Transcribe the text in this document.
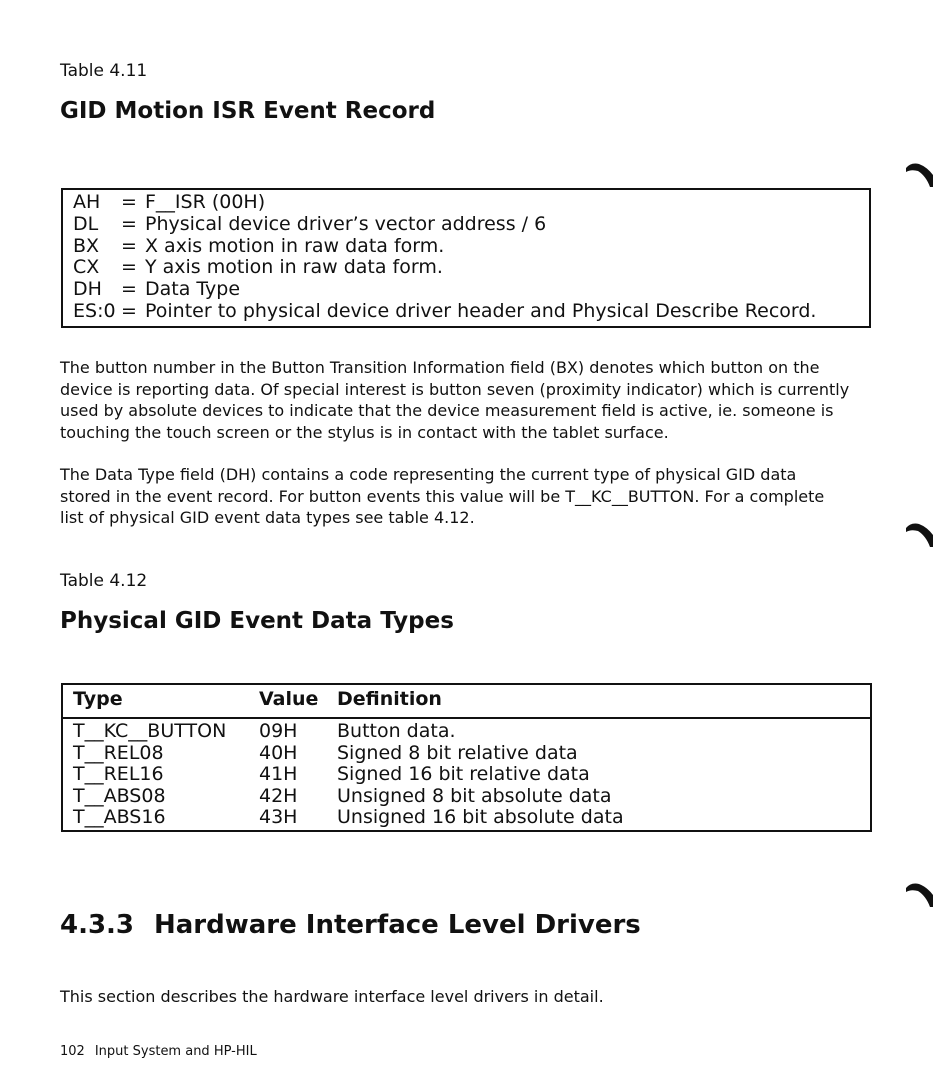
Table 4.11
GID Motion ISR Event Record
AH	= F__ISR (00H)
DL	= Physical device driver’s vector address / 6
BX	= X axis motion in raw data form.
CX	= Y axis motion in raw data form.
DH	= Data Type
ES:0 = Pointer to physical device driver header and Physical Describe Record.
The button number in the Button Transition Information field (BX) denotes which button on the
device is reporting data. Of special interest is button seven (proximity indicator) which is currently
used by absolute devices to indicate that the device measurement field is active, ie. someone is
touching the touch screen or the stylus is in contact with the tablet surface.
The Data Type field (DH) contains a code representing the current type of physical GID data
stored in the event record. For button events this value will be T__KC__BUTTON. For a complete
list of physical GID event data types see table 4.12.
Table 4.12
Physical GID Event Data Types
Type	Value Definition
T__KC__BUTTON	09H	Button data.
T__REL08	40H	Signed 8 bit relative data
T__REL16	41H	Signed 16 bit relative data
T__ABS08	42H	Unsigned 8 bit absolute data
T__ABS16	43H	Unsigned 16 bit absolute data
4.3.3 Hardware Interface Level Drivers
This section describes the hardware interface level drivers in detail.
102 Input System and HP-HIL
